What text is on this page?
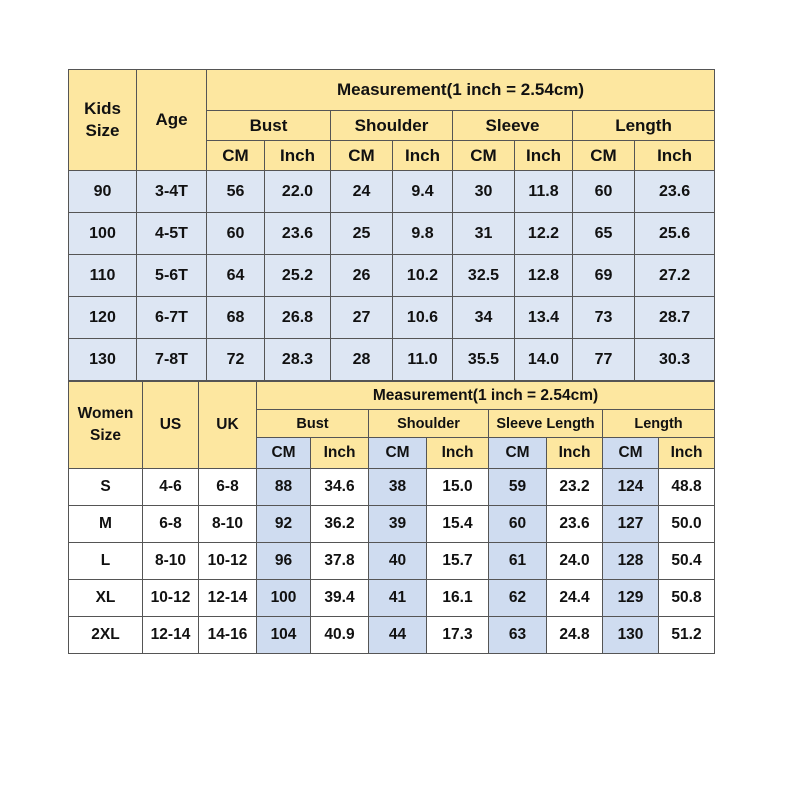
Kids Size	Age	Measurement(1 inch = 2.54cm)							
		Bust		Shoulder		Sleeve		Length	
		CM	Inch	CM	Inch	CM	Inch	CM	Inch
90	3-4T	56	22.0	24	9.4	30	11.8	60	23.6
100	4-5T	60	23.6	25	9.8	31	12.2	65	25.6
110	5-6T	64	25.2	26	10.2	32.5	12.8	69	27.2
120	6-7T	68	26.8	27	10.6	34	13.4	73	28.7
130	7-8T	72	28.3	28	11.0	35.5	14.0	77	30.3
Women Size	US	UK	Measurement(1 inch = 2.54cm)							
			Bust		Shoulder		Sleeve Length		Length	
			CM	Inch	CM	Inch	CM	Inch	CM	Inch
S	4-6	6-8	88	34.6	38	15.0	59	23.2	124	48.8
M	6-8	8-10	92	36.2	39	15.4	60	23.6	127	50.0
L	8-10	10-12	96	37.8	40	15.7	61	24.0	128	50.4
XL	10-12	12-14	100	39.4	41	16.1	62	24.4	129	50.8
2XL	12-14	14-16	104	40.9	44	17.3	63	24.8	130	51.2
